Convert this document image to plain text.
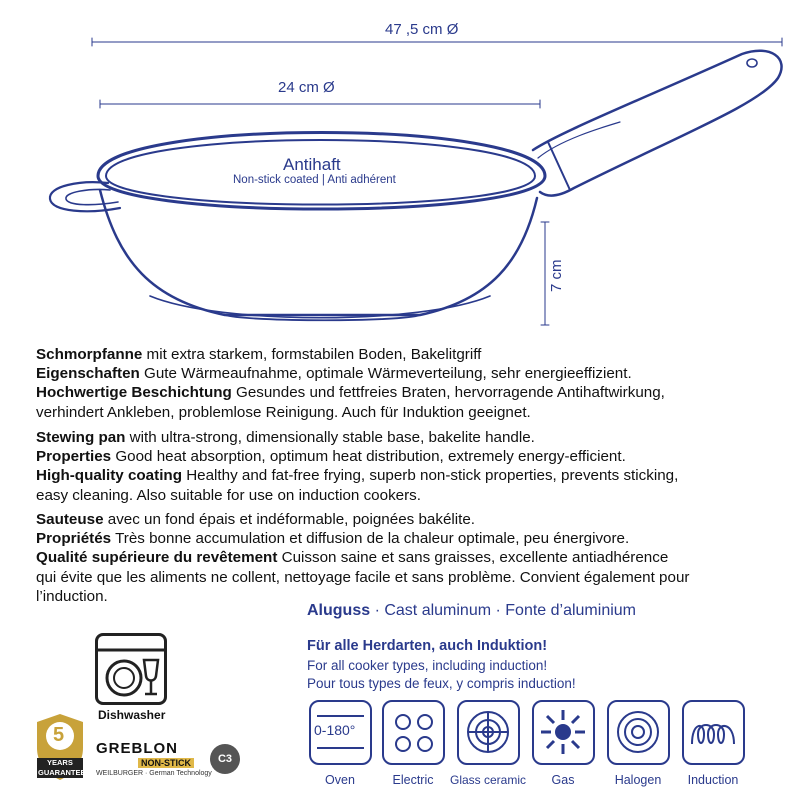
47 ,5 cm Ø
24 cm Ø
7 cm
Antihaft
Non-stick coated | Anti adhérent
Schmorpfanne mit extra starkem, formstabilen Boden, Bakelitgriff
Eigenschaften Gute Wärmeaufnahme, optimale Wärmeverteilung, sehr energieeffizient.
Hochwertige Beschichtung Gesundes und fettfreies Braten, hervorragende Antihaftwirkung,
verhindert Ankleben, problemlose Reinigung. Auch für Induktion geeignet.
Stewing pan with ultra-strong, dimensionally stable base, bakelite handle.
Properties Good heat absorption, optimum heat distribution, extremely energy-efficient.
High-quality coating Healthy and fat-free frying, superb non-stick properties, prevents sticking,
easy cleaning. Also suitable for use on induction cookers.
Sauteuse avec un fond épais et indéformable, poignées bakélite.
Propriétés Très bonne accumulation et diffusion de la chaleur optimale, peu énergivore.
Qualité supérieure du revêtement Cuisson saine et sans graisses, excellente antiadhérence
qui évite que les aliments ne collent, nettoyage facile et sans problème. Convient également pour
l’induction.
Aluguss · Cast aluminum · Fonte d’aluminium
Für alle Herdarten, auch Induktion!
For all cooker types, including induction!
Pour tous types de feux, y compris induction!
0-180°
Oven	Electric	Glass ceramic	Gas	Halogen	Induction
Dishwasher
5
YEARS
GUARANTEE
GREBLON
NON-STICK
WEILBURGER · German Technology
C3
